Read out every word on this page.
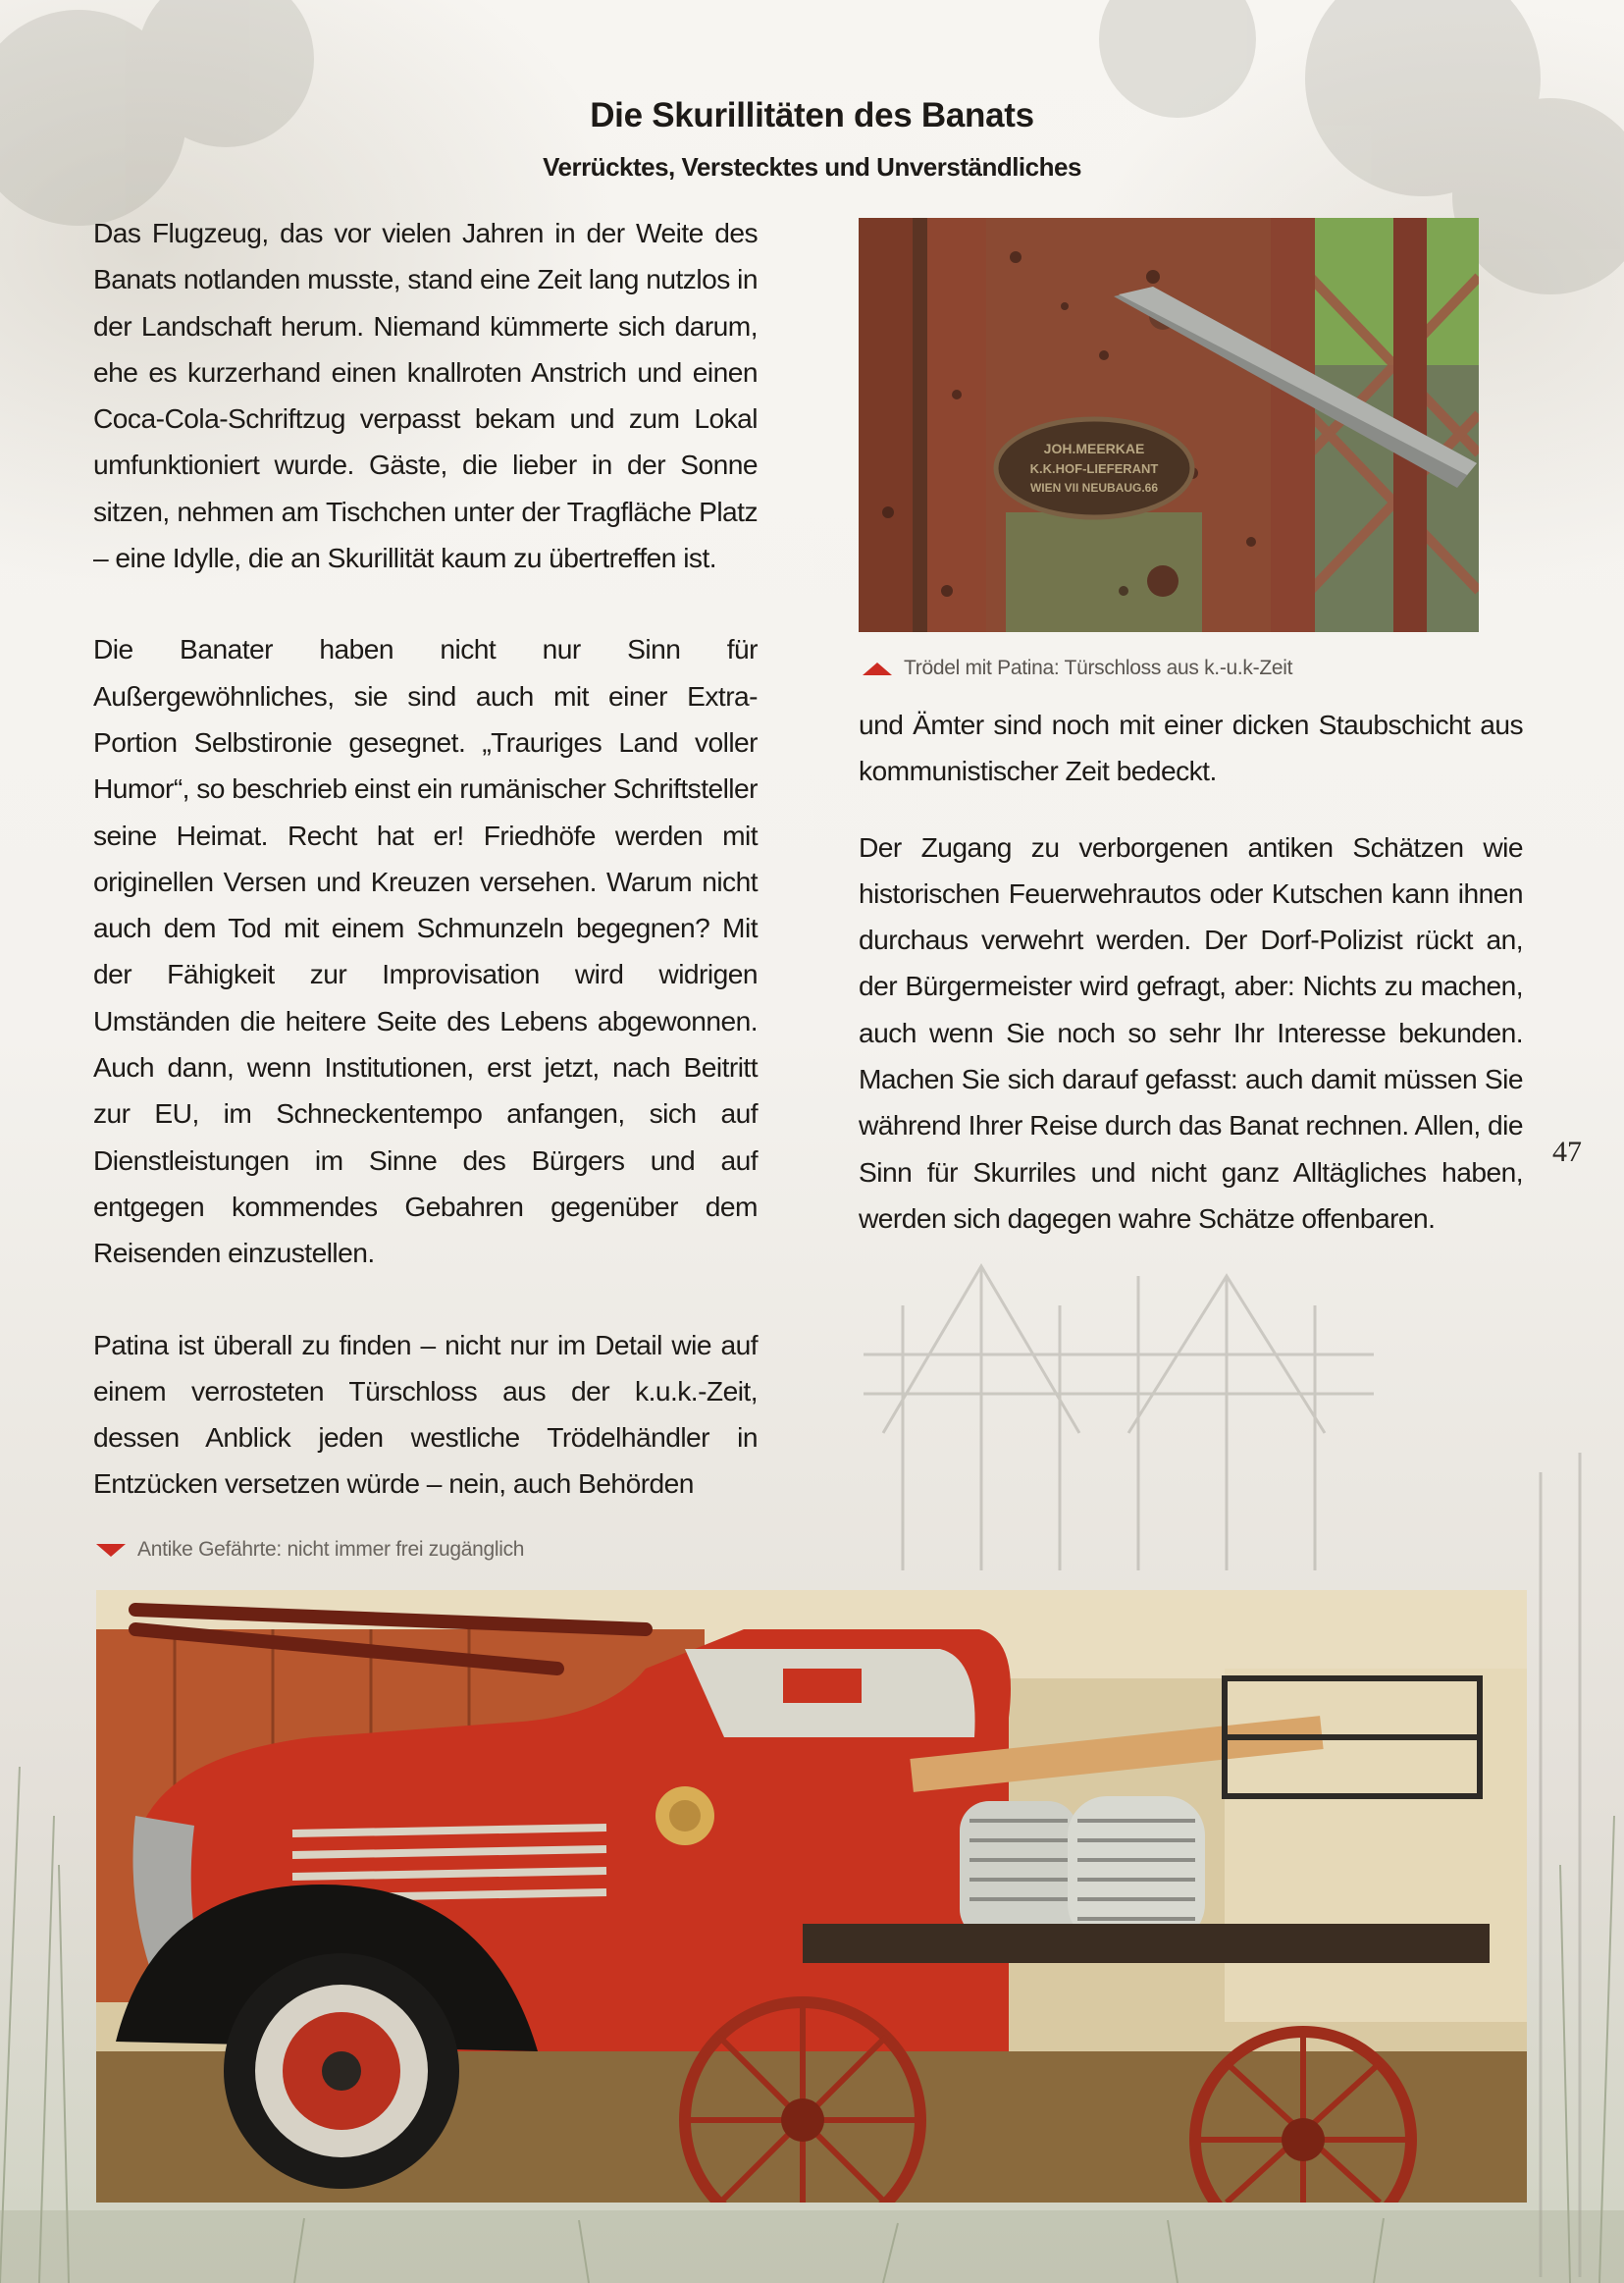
Die Skurillitäten des Banats
Verrücktes, Verstecktes und Unverständliches

Das Flugzeug, das vor vielen Jahren in der Weite des Banats notlanden musste, stand eine Zeit lang nutzlos in der Landschaft herum. Niemand kümmerte sich darum, ehe es kurzerhand einen knallroten Anstrich und einen Coca-Cola-Schriftzug verpasst bekam und zum Lokal umfunktioniert wurde. Gäste, die lieber in der Sonne sitzen, nehmen am Tischchen unter der Tragfläche Platz – eine Idylle, die an Skurillität kaum zu übertreffen ist.

Die Banater haben nicht nur Sinn für Außergewöhnliches, sie sind auch mit einer Extra-Portion Selbstironie gesegnet. „Trauriges Land voller Humor“, so beschrieb einst ein rumänischer Schriftsteller seine Heimat. Recht hat er! Friedhöfe werden mit originellen Versen und Kreuzen versehen. Warum nicht auch dem Tod mit einem Schmunzeln begegnen? Mit der Fähigkeit zur Improvisation wird widrigen Umständen die heitere Seite des Lebens abgewonnen. Auch dann, wenn Institutionen, erst jetzt, nach Beitritt zur EU, im Schneckentempo anfangen, sich auf Dienstleistungen im Sinne des Bürgers und auf entgegen kommendes Gebahren gegenüber dem Reisenden einzustellen.

Patina ist überall zu finden – nicht nur im Detail wie auf einem verrosteten Türschloss aus der k.u.k.-Zeit, dessen Anblick jeden westliche Trödelhändler in Entzücken versetzen würde – nein, auch Behörden

und Ämter sind noch mit einer dicken Staubschicht aus kommunistischer Zeit bedeckt.

Der Zugang zu verborgenen antiken Schätzen wie historischen Feuerwehrautos oder Kutschen kann ihnen durchaus verwehrt werden. Der Dorf-Polizist rückt an, der Bürgermeister wird gefragt, aber: Nichts zu machen, auch wenn Sie noch so sehr Ihr Interesse bekunden. Machen Sie sich darauf gefasst: auch damit müssen Sie während Ihrer Reise durch das Banat rechnen. Allen, die Sinn für Skurriles und nicht ganz Alltägliches haben, werden sich dagegen wahre Schätze offenbaren.

JOH.MEERKAE
K.K.HOF-LIEFERANT
WIEN VII NEUBAUG.66
Trödel mit Patina: Türschloss aus k.-u.k-Zeit
Antike Gefährte: nicht immer frei zugänglich
47
